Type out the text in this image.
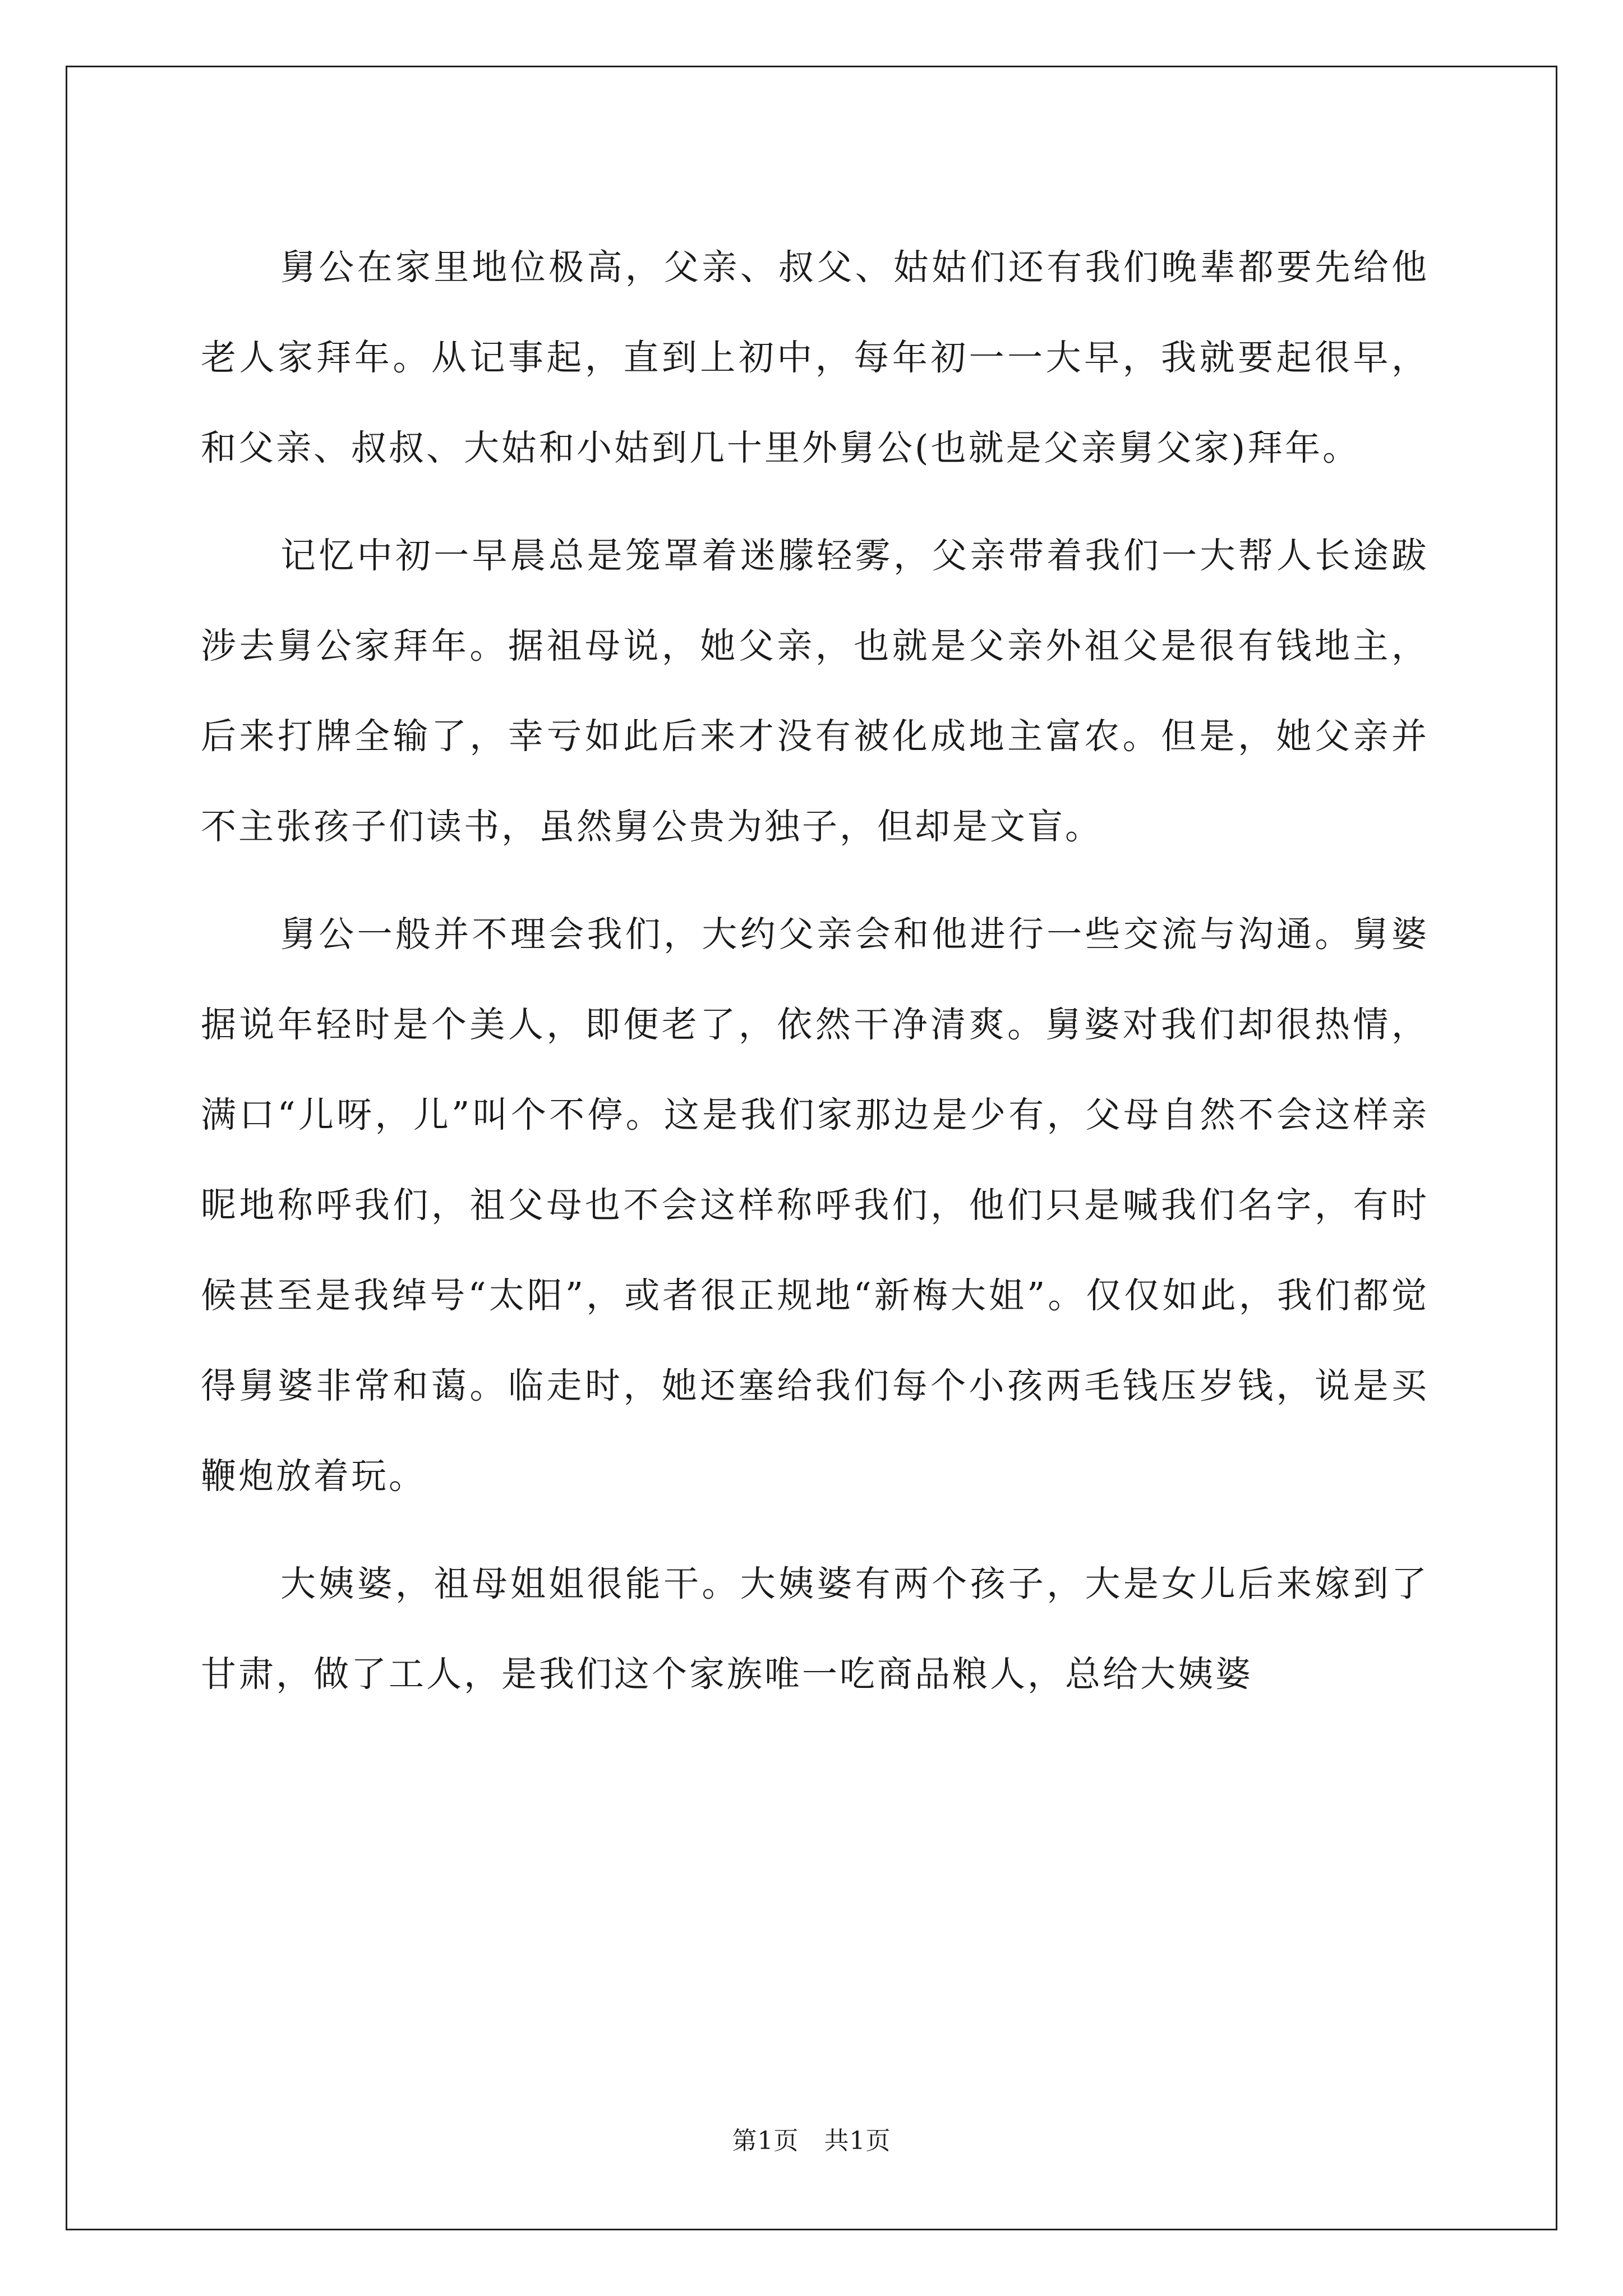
舅公在家里地位极高，父亲、叔父、姑姑们还有我们晚辈都要先给他老人家拜年。从记事起，直到上初中，每年初一一大早，我就要起很早，和父亲、叔叔、大姑和小姑到几十里外舅公(也就是父亲舅父家)拜年。

记忆中初一早晨总是笼罩着迷朦轻雾，父亲带着我们一大帮人长途跋涉去舅公家拜年。据祖母说，她父亲，也就是父亲外祖父是很有钱地主，后来打牌全输了，幸亏如此后来才没有被化成地主富农。但是，她父亲并不主张孩子们读书，虽然舅公贵为独子，但却是文盲。

舅公一般并不理会我们，大约父亲会和他进行一些交流与沟通。舅婆据说年轻时是个美人，即便老了，依然干净清爽。舅婆对我们却很热情，满口“儿呀，儿”叫个不停。这是我们家那边是少有，父母自然不会这样亲昵地称呼我们，祖父母也不会这样称呼我们，他们只是喊我们名字，有时候甚至是我绰号“太阳”，或者很正规地“新梅大姐”。仅仅如此，我们都觉得舅婆非常和蔼。临走时，她还塞给我们每个小孩两毛钱压岁钱，说是买鞭炮放着玩。

大姨婆，祖母姐姐很能干。大姨婆有两个孩子，大是女儿后来嫁到了甘肃，做了工人，是我们这个家族唯一吃商品粮人，总给大姨婆

第1页   共1页
